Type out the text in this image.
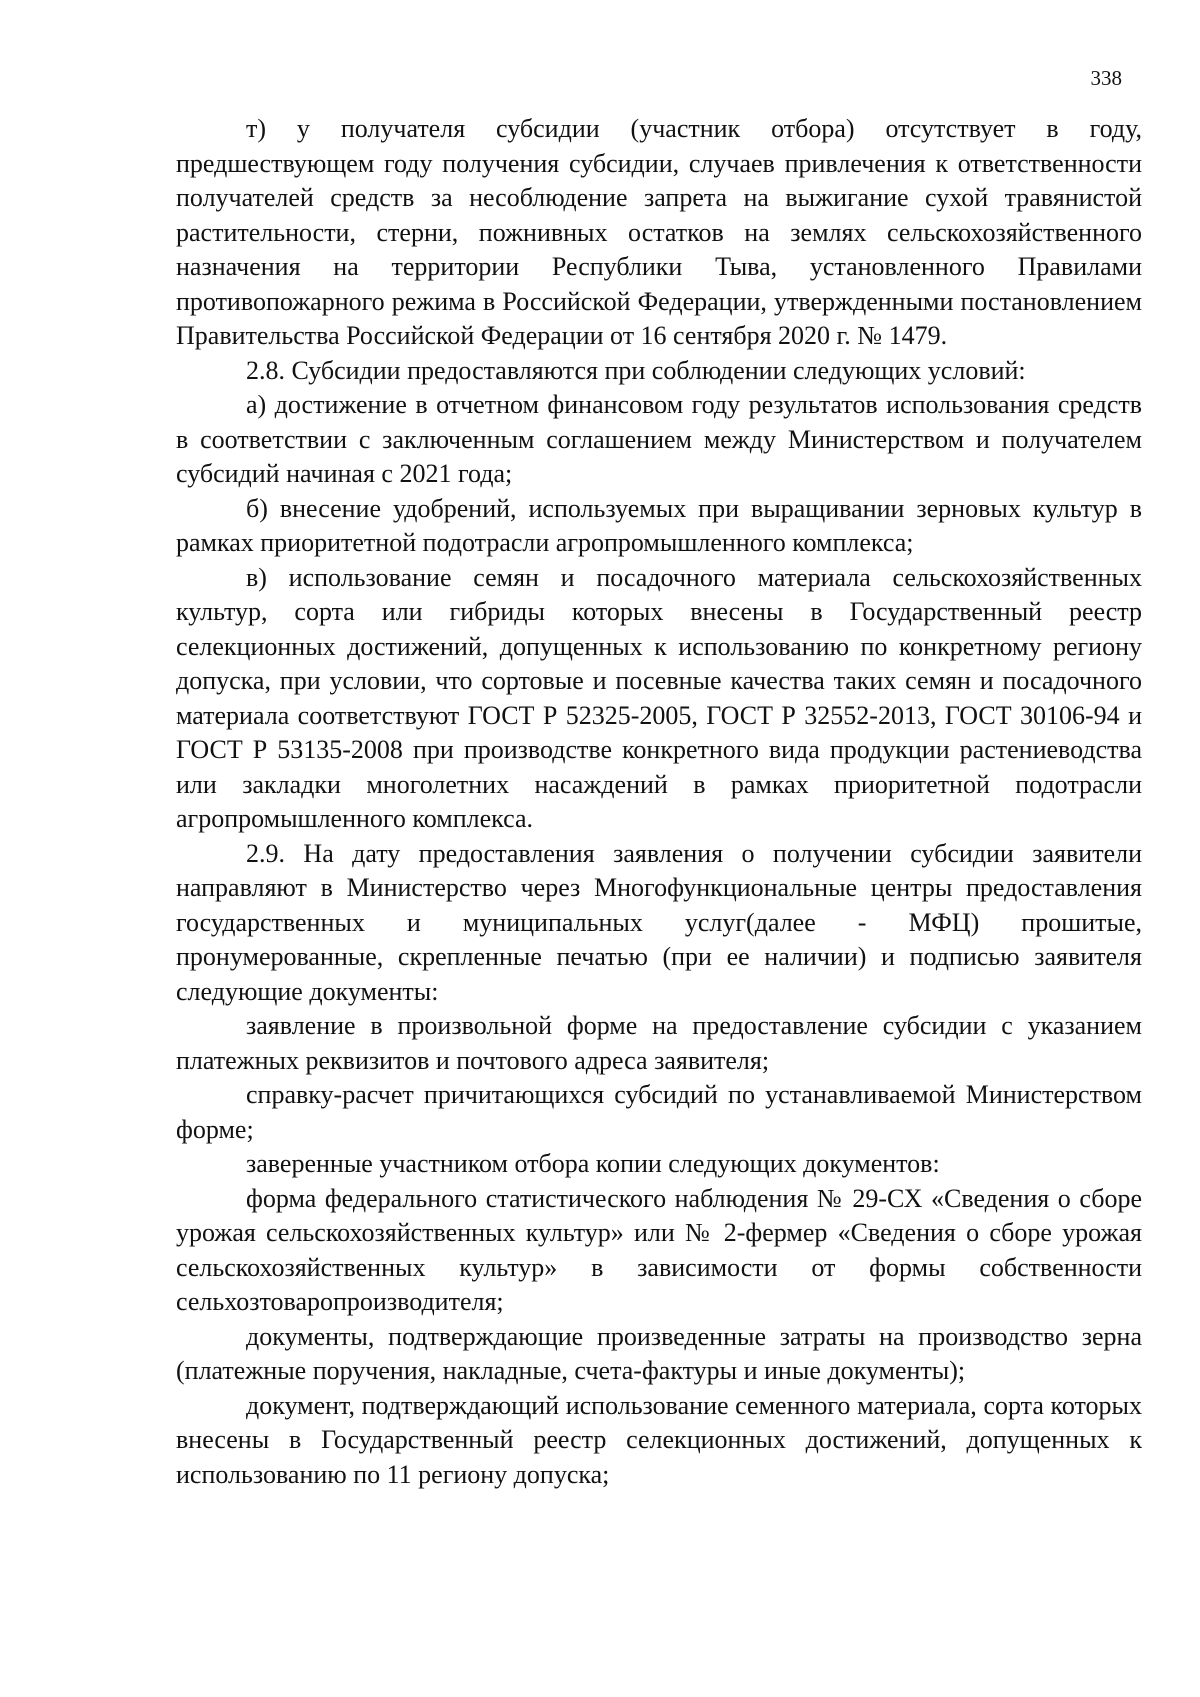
338

т) у получателя субсидии (участник отбора) отсутствует в году, предшествующем году получения субсидии, случаев привлечения к ответственности получателей средств за несоблюдение запрета на выжигание сухой травянистой растительности, стерни, пожнивных остатков на землях сельскохозяйственного назначения на территории Республики Тыва, установленного Правилами противопожарного режима в Российской Федерации, утвержденными постановлением Правительства Российской Федерации от 16 сентября 2020 г. № 1479.

2.8. Субсидии предоставляются при соблюдении следующих условий:

а) достижение в отчетном финансовом году результатов использования средств в соответствии с заключенным соглашением между Министерством и получателем субсидий начиная с 2021 года;

б) внесение удобрений, используемых при выращивании зерновых культур в рамках приоритетной подотрасли агропромышленного комплекса;

в) использование семян и посадочного материала сельскохозяйственных культур, сорта или гибриды которых внесены в Государственный реестр селекционных достижений, допущенных к использованию по конкретному региону допуска, при условии, что сортовые и посевные качества таких семян и посадочного материала соответствуют ГОСТ Р 52325-2005, ГОСТ Р 32552-2013, ГОСТ 30106-94 и ГОСТ Р 53135-2008 при производстве конкретного вида продукции растениеводства или закладки многолетних насаждений в рамках приоритетной подотрасли агропромышленного комплекса.

2.9. На дату предоставления заявления о получении субсидии заявители направляют в Министерство через Многофункциональные центры предоставления государственных и муниципальных услуг(далее - МФЦ) прошитые, пронумерованные, скрепленные печатью (при ее наличии) и подписью заявителя следующие документы:

заявление в произвольной форме на предоставление субсидии с указанием платежных реквизитов и почтового адреса заявителя;

справку-расчет причитающихся субсидий по устанавливаемой Министерством форме;

заверенные участником отбора копии следующих документов:

форма федерального статистического наблюдения № 29-СХ «Сведения о сборе урожая сельскохозяйственных культур» или № 2-фермер «Сведения о сборе урожая сельскохозяйственных культур» в зависимости от формы собственности сельхозтоваропроизводителя;

документы, подтверждающие произведенные затраты на производство зерна (платежные поручения, накладные, счета-фактуры и иные документы);

документ, подтверждающий использование семенного материала, сорта которых внесены в Государственный реестр селекционных достижений, допущенных к использованию по 11 региону допуска;
